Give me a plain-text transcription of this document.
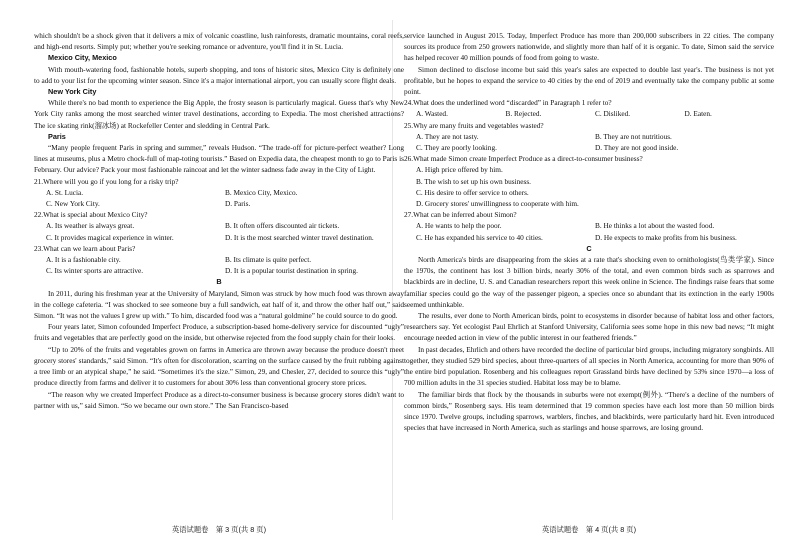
which shouldn't be a shock given that it delivers a mix of volcanic coastline, lush rainforests, dramatic mountains, coral reefs, and high-end resorts. Simply put; whether you're seeking romance or adventure, you'll find it in St. Lucia.

Mexico City, Mexico

With mouth-watering food, fashionable hotels, superb shopping, and tons of historic sites, Mexico City is definitely one to add to your list for the upcoming winter season. Since it's a major international airport, you can usually score flight deals.

New York City

While there's no bad month to experience the Big Apple, the frosty season is particularly magical. Guess that's why New York City ranks among the most searched winter travel destinations, according to Expedia. The most cherished attractions? The ice skating rink(溜冰场) at Rockefeller Center and sledding in Central Park.

Paris

“Many people frequent Paris in spring and summer,” reveals Hudson. “The trade-off for picture-perfect weather? Long lines at museums, plus a Metro chock-full of map-toting tourists.” Based on Expedia data, the cheapest month to go to Paris is February. Our advice? Pack your most fashionable raincoat and let the winter sadness fade away in the City of Light.

21.Where will you go if you long for a risky trip?

A. St. Lucia.	B. Mexico City, Mexico.
C. New York City.	D. Paris.

22.What is special about Mexico City?

A. Its weather is always great.	B. It often offers discounted air tickets.
C. It provides magical experience in winter.	D. It is the most searched winter travel destination.

23.What can we learn about Paris?

A. It is a fashionable city.	B. Its climate is quite perfect.
C. Its winter sports are attractive.	D. It is a popular tourist destination in spring.

B

In 2011, during his freshman year at the University of Maryland, Simon was struck by how much food was thrown away in the college cafeteria. “I was shocked to see someone buy a full sandwich, eat half of it, and throw the other half out,” said Simon. “It was not the values I grew up with.” To him, discarded food was a “natural goldmine” he could source to do good.

Four years later, Simon cofounded Imperfect Produce, a subscription-based home-delivery service for discounted “ugly” fruits and vegetables that are perfectly good on the inside, but otherwise rejected from the food supply chain for their looks.

“Up to 20% of the fruits and vegetables grown on farms in America are thrown away because the produce doesn't meet grocery stores' standards,” said Simon. “It's often for discoloration, scarring on the surface caused by the fruit rubbing against a tree limb or an atypical shape,” he said. “Sometimes it's the size.” Simon, 29, and Chesler, 27, decided to source this “ugly” produce directly from farms and deliver it to customers for about 30% less than conventional grocery store prices.

“The reason why we created Imperfect Produce as a direct-to-consumer business is because grocery stores didn't want to partner with us,” said Simon. “So we became our own store.” The San Francisco-based

英语试题卷　第 3 页(共 8 页)

service launched in August 2015. Today, Imperfect Produce has more than 200,000 subscribers in 22 cities. The company sources its produce from 250 growers nationwide, and slightly more than half of it is organic. To date, Simon said the service has helped recover 40 million pounds of food from going to waste.

Simon declined to disclose income but said this year's sales are expected to double last year's. The business is not yet profitable, but he hopes to expand the service to 40 cities by the end of 2019 and eventually take the company public at some point.

24.What does the underlined word “discarded” in Paragraph 1 refer to?

A. Wasted.	B. Rejected.	C. Disliked.	D. Eaten.

25.Why are many fruits and vegetables wasted?

A. They are not tasty.	B. They are not nutritious.
C. They are poorly looking.	D. They are not good inside.

26.What made Simon create Imperfect Produce as a direct-to-consumer business?

A. High price offered by him.
B. The wish to set up his own business.
C. His desire to offer service to others.
D. Grocery stores' unwillingness to cooperate with him.

27.What can be inferred about Simon?

A. He wants to help the poor.	B. He thinks a lot about the wasted food.
C. He has expanded his service to 40 cities.	D. He expects to make profits from his business.

C

North America's birds are disappearing from the skies at a rate that's shocking even to ornithologists(鸟类学家). Since the 1970s, the continent has lost 3 billion birds, nearly 30% of the total, and even common birds such as sparrows and blackbirds are in decline, U. S. and Canadian researchers report this week online in Science. The findings raise fears that some familiar species could go the way of the passenger pigeon, a species once so abundant that its extinction in the early 1900s seemed unthinkable.

The results, ever done to North American birds, point to ecosystems in disorder because of habitat loss and other factors, researchers say. Yet ecologist Paul Ehrlich at Stanford University, California sees some hope in this new bad news; “It might encourage needed action in view of the public interest in our feathered friends.”

In past decades, Ehrlich and others have recorded the decline of particular bird groups, including migratory songbirds. All together, they studied 529 bird species, about three-quarters of all species in North America, accounting for more than 90% of the entire bird population. Rosenberg and his colleagues report Grassland birds have declined by 53% since 1970—a loss of 700 million adults in the 31 species studied. Habitat loss may be to blame.

The familiar birds that flock by the thousands in suburbs were not exempt(例外). “There's a decline of the numbers of common birds,” Rosenberg says. His team determined that 19 common species have each lost more than 50 million birds since 1970. Twelve groups, including sparrows, warblers, finches, and blackbirds, were particularly hard hit. Even introduced species that have increased in North America, such as starlings and house sparrows, are losing ground.

英语试题卷　第 4 页(共 8 页)
